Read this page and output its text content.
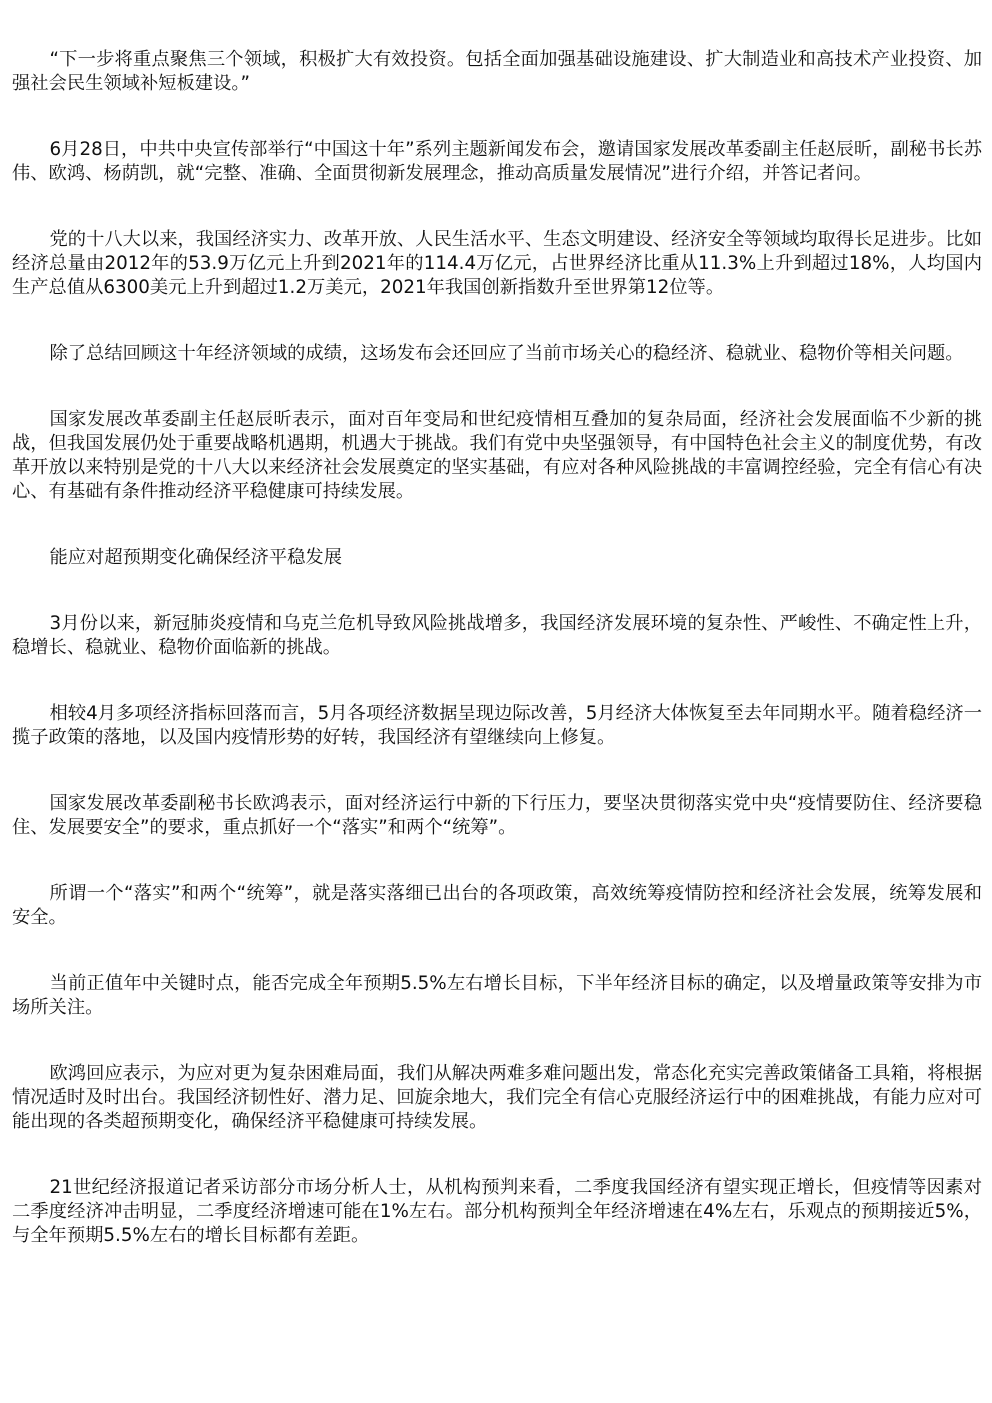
“下一步将重点聚焦三个领域，积极扩大有效投资。包括全面加强基础设施建设、扩大制造业和高技术产业投资、加强社会民生领域补短板建设。”

6月28日，中共中央宣传部举行“中国这十年”系列主题新闻发布会，邀请国家发展改革委副主任赵辰昕，副秘书长苏伟、欧鸿、杨荫凯，就“完整、准确、全面贯彻新发展理念，推动高质量发展情况”进行介绍，并答记者问。

党的十八大以来，我国经济实力、改革开放、人民生活水平、生态文明建设、经济安全等领域均取得长足进步。比如经济总量由2012年的53.9万亿元上升到2021年的114.4万亿元，占世界经济比重从11.3%上升到超过18%，人均国内生产总值从6300美元上升到超过1.2万美元，2021年我国创新指数升至世界第12位等。

除了总结回顾这十年经济领域的成绩，这场发布会还回应了当前市场关心的稳经济、稳就业、稳物价等相关问题。

国家发展改革委副主任赵辰昕表示，面对百年变局和世纪疫情相互叠加的复杂局面，经济社会发展面临不少新的挑战，但我国发展仍处于重要战略机遇期，机遇大于挑战。我们有党中央坚强领导，有中国特色社会主义的制度优势，有改革开放以来特别是党的十八大以来经济社会发展奠定的坚实基础，有应对各种风险挑战的丰富调控经验，完全有信心有决心、有基础有条件推动经济平稳健康可持续发展。

能应对超预期变化确保经济平稳发展

3月份以来，新冠肺炎疫情和乌克兰危机导致风险挑战增多，我国经济发展环境的复杂性、严峻性、不确定性上升，稳增长、稳就业、稳物价面临新的挑战。

相较4月多项经济指标回落而言，5月各项经济数据呈现边际改善，5月经济大体恢复至去年同期水平。随着稳经济一揽子政策的落地，以及国内疫情形势的好转，我国经济有望继续向上修复。

国家发展改革委副秘书长欧鸿表示，面对经济运行中新的下行压力，要坚决贯彻落实党中央“疫情要防住、经济要稳住、发展要安全”的要求，重点抓好一个“落实”和两个“统筹”。

所谓一个“落实”和两个“统筹”，就是落实落细已出台的各项政策，高效统筹疫情防控和经济社会发展，统筹发展和安全。

当前正值年中关键时点，能否完成全年预期5.5%左右增长目标，下半年经济目标的确定，以及增量政策等安排为市场所关注。

欧鸿回应表示，为应对更为复杂困难局面，我们从解决两难多难问题出发，常态化充实完善政策储备工具箱，将根据情况适时及时出台。我国经济韧性好、潜力足、回旋余地大，我们完全有信心克服经济运行中的困难挑战，有能力应对可能出现的各类超预期变化，确保经济平稳健康可持续发展。

21世纪经济报道记者采访部分市场分析人士，从机构预判来看，二季度我国经济有望实现正增长，但疫情等因素对二季度经济冲击明显，二季度经济增速可能在1%左右。部分机构预判全年经济增速在4%左右，乐观点的预期接近5%，与全年预期5.5%左右的增长目标都有差距。
